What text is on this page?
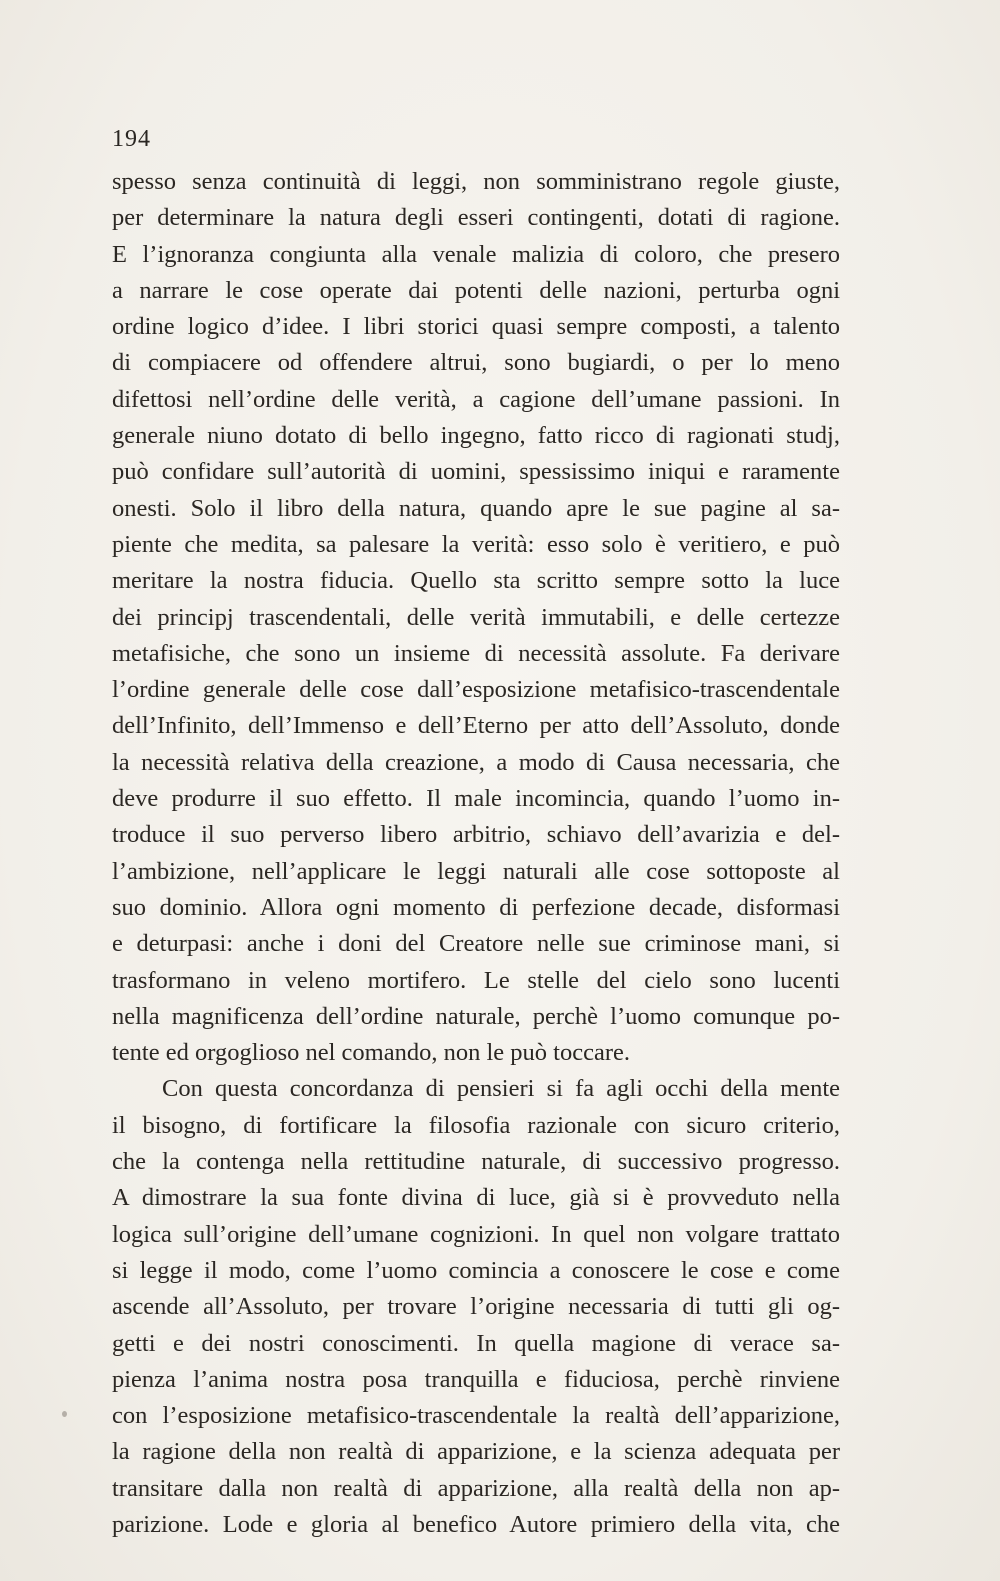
194
spesso senza continuità di leggi, non somministrano regole giuste,
per determinare la natura degli esseri contingenti, dotati di ragione.
E l’ignoranza congiunta alla venale malizia di coloro, che presero
a narrare le cose operate dai potenti delle nazioni, perturba ogni
ordine logico d’idee. I libri storici quasi sempre composti, a talento
di compiacere od offendere altrui, sono bugiardi, o per lo meno
difettosi nell’ordine delle verità, a cagione dell’umane passioni. In
generale niuno dotato di bello ingegno, fatto ricco di ragionati studj,
può confidare sull’autorità di uomini, spessissimo iniqui e raramente
onesti. Solo il libro della natura, quando apre le sue pagine al sa-
piente che medita, sa palesare la verità: esso solo è veritiero, e può
meritare la nostra fiducia. Quello sta scritto sempre sotto la luce
dei principj trascendentali, delle verità immutabili, e delle certezze
metafisiche, che sono un insieme di necessità assolute. Fa derivare
l’ordine generale delle cose dall’esposizione metafisico-trascendentale
dell’Infinito, dell’Immenso e dell’Eterno per atto dell’Assoluto, donde
la necessità relativa della creazione, a modo di Causa necessaria, che
deve produrre il suo effetto. Il male incomincia, quando l’uomo in-
troduce il suo perverso libero arbitrio, schiavo dell’avarizia e del-
l’ambizione, nell’applicare le leggi naturali alle cose sottoposte al
suo dominio. Allora ogni momento di perfezione decade, disformasi
e deturpasi: anche i doni del Creatore nelle sue criminose mani, si
trasformano in veleno mortifero. Le stelle del cielo sono lucenti
nella magnificenza dell’ordine naturale, perchè l’uomo comunque po-
tente ed orgoglioso nel comando, non le può toccare.
Con questa concordanza di pensieri si fa agli occhi della mente
il bisogno, di fortificare la filosofia razionale con sicuro criterio,
che la contenga nella rettitudine naturale, di successivo progresso.
A dimostrare la sua fonte divina di luce, già si è provveduto nella
logica sull’origine dell’umane cognizioni. In quel non volgare trattato
si legge il modo, come l’uomo comincia a conoscere le cose e come
ascende all’Assoluto, per trovare l’origine necessaria di tutti gli og-
getti e dei nostri conoscimenti. In quella magione di verace sa-
pienza l’anima nostra posa tranquilla e fiduciosa, perchè rinviene
con l’esposizione metafisico-trascendentale la realtà dell’apparizione,
la ragione della non realtà di apparizione, e la scienza adequata per
transitare dalla non realtà di apparizione, alla realtà della non ap-
parizione. Lode e gloria al benefico Autore primiero della vita, che
